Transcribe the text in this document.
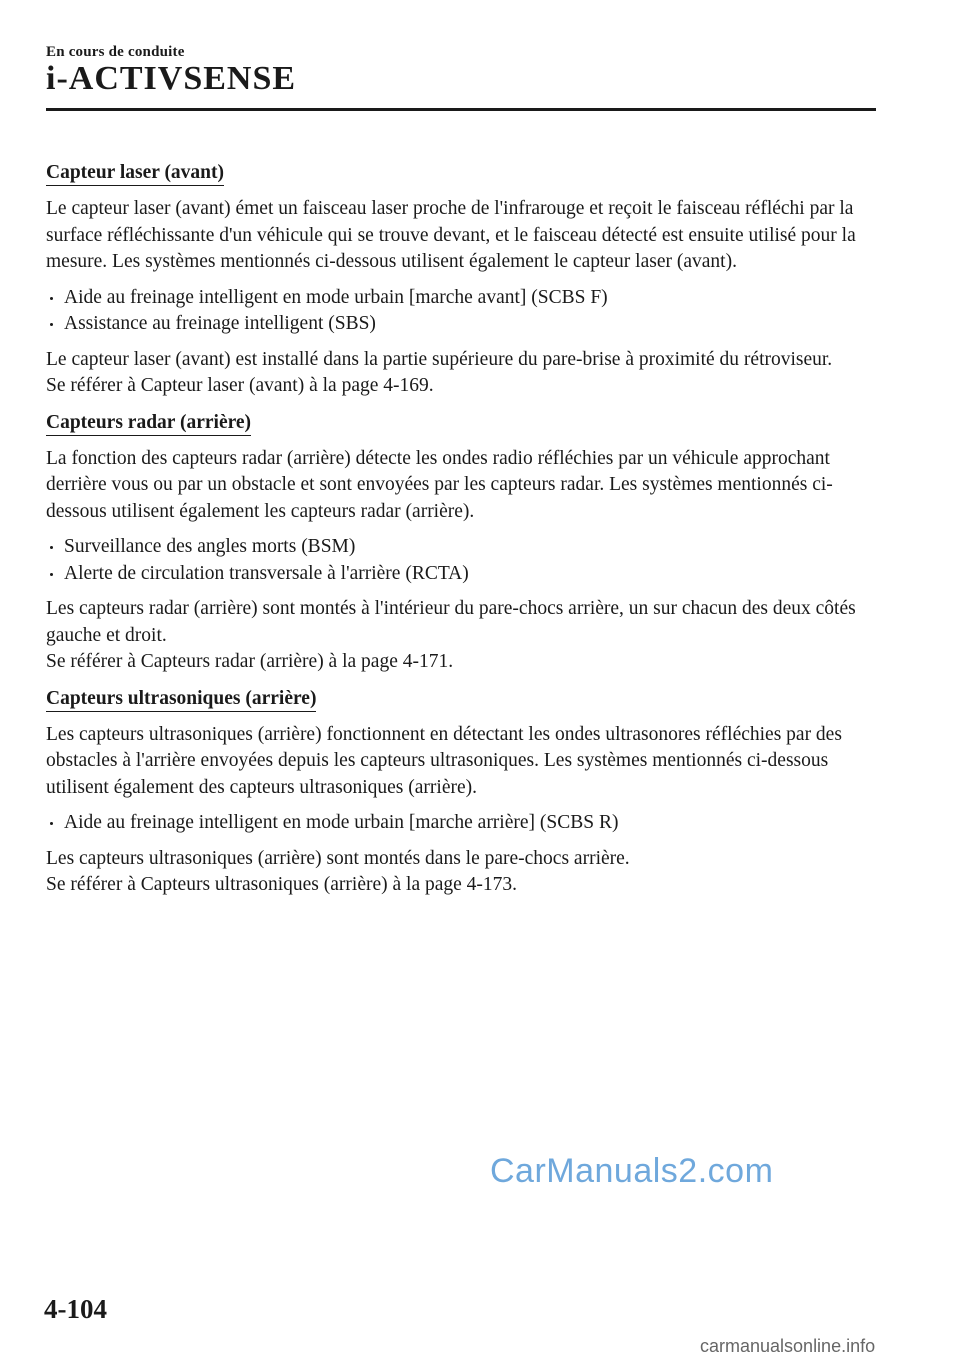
En cours de conduite
i-ACTIVSENSE
Capteur laser (avant)

Le capteur laser (avant) émet un faisceau laser proche de l'infrarouge et reçoit le faisceau réfléchi par la surface réfléchissante d'un véhicule qui se trouve devant, et le faisceau détecté est ensuite utilisé pour la mesure. Les systèmes mentionnés ci-dessous utilisent également le capteur laser (avant).

Aide au freinage intelligent en mode urbain [marche avant] (SCBS F)
Assistance au freinage intelligent (SBS)

Le capteur laser (avant) est installé dans la partie supérieure du pare-brise à proximité du rétroviseur.
Se référer à Capteur laser (avant) à la page 4-169.

Capteurs radar (arrière)

La fonction des capteurs radar (arrière) détecte les ondes radio réfléchies par un véhicule approchant derrière vous ou par un obstacle et sont envoyées par les capteurs radar. Les systèmes mentionnés ci-dessous utilisent également les capteurs radar (arrière).

Surveillance des angles morts (BSM)
Alerte de circulation transversale à l'arrière (RCTA)

Les capteurs radar (arrière) sont montés à l'intérieur du pare-chocs arrière, un sur chacun des deux côtés gauche et droit.
Se référer à Capteurs radar (arrière) à la page 4-171.

Capteurs ultrasoniques (arrière)

Les capteurs ultrasoniques (arrière) fonctionnent en détectant les ondes ultrasonores réfléchies par des obstacles à l'arrière envoyées depuis les capteurs ultrasoniques. Les systèmes mentionnés ci-dessous utilisent également des capteurs ultrasoniques (arrière).

Aide au freinage intelligent en mode urbain [marche arrière] (SCBS R)

Les capteurs ultrasoniques (arrière) sont montés dans le pare-chocs arrière.
Se référer à Capteurs ultrasoniques (arrière) à la page 4-173.

CarManuals2.com
4-104
carmanualsonline.info
